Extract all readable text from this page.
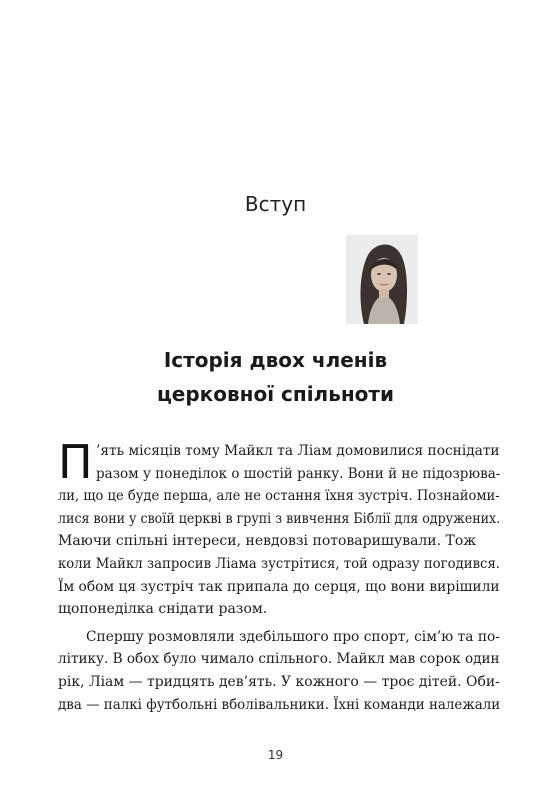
Вступ
Історія двох членів
церковної спільноти
П ’ять місяців тому Майкл та Ліам домовилися поснідати
разом у понеділок о шостій ранку. Вони й не підозрюва-
ли, що це буде перша, але не остання їхня зустріч. Познайоми-
лися вони у своїй церкві в групі з вивчення Біблії для одружених.
Маючи спільні інтереси, невдовзі потоваришували. Тож
коли Майкл запросив Ліама зустрітися, той одразу погодився.
Їм обом ця зустріч так припала до серця, що вони вирішили
щопонеділка снідати разом.
Спершу розмовляли здебільшого про спорт, сім’ю та по-
літику. В обох було чимало спільного. Майкл мав сорок один
рік, Ліам — тридцять дев’ять. У кожного — троє дітей. Оби-
два — палкі футбольні вболівальники. Їхні команди належали
19
